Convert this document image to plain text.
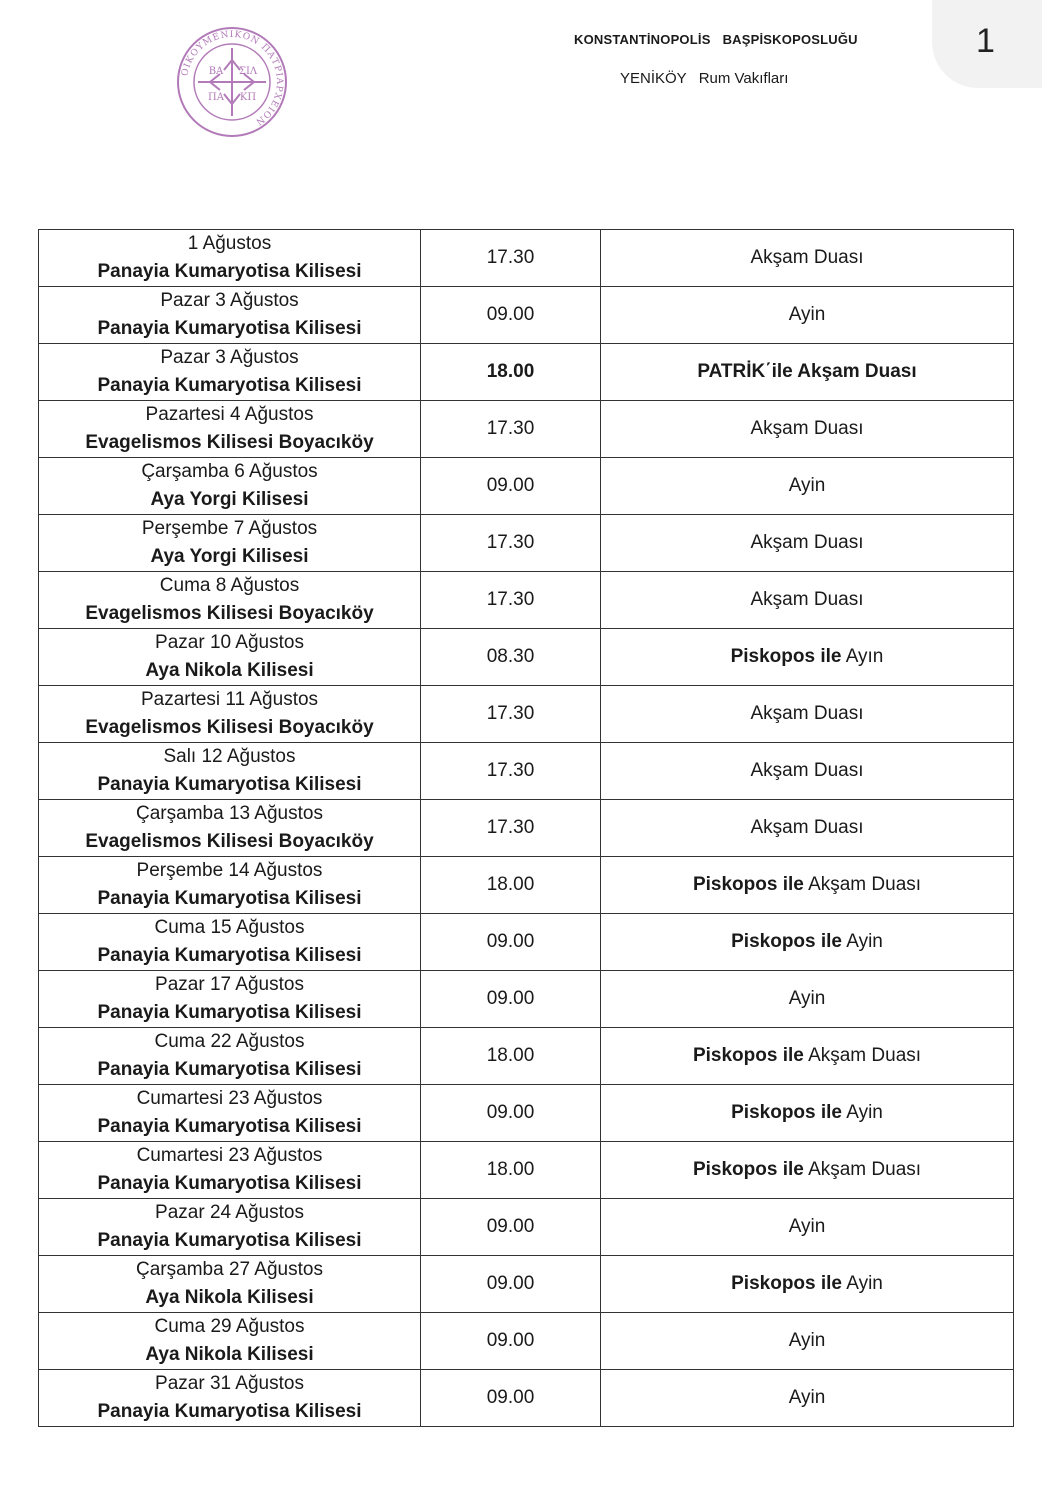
1
ΟΙΚΟΥΜΕΝΙΚΟΝ ΠΑΤΡΙΑΡΧΕΙΟΝ
ΒΑ ΣΙΛ
ΠΑ ΚΠ
KONSTANTİNOPOLİS BAŞPİSKOPOSLUĞU
YENİKÖY Rum Vakıfları
1 Ağustos
Panayia Kumaryotisa Kilisesi	17.30	Akşam Duası

Pazar 3 Ağustos
Panayia Kumaryotisa Kilisesi	09.00	Ayin

Pazar 3 Ağustos
Panayia Kumaryotisa Kilisesi	18.00	PATRİK΄ile Akşam Duası

Pazartesi 4 Ağustos
Evagelismos Kilisesi Boyacıköy	17.30	Akşam Duası

Çarşamba 6 Ağustos
Aya Yorgi Kilisesi	09.00	Ayin

Perşembe 7 Ağustos
Aya Yorgi Kilisesi	17.30	Akşam Duası

Cuma 8 Ağustos
Evagelismos Kilisesi Boyacıköy	17.30	Akşam Duası

Pazar 10 Ağustos
Aya Nikola Kilisesi	08.30	Piskopos ile Ayın

Pazartesi 11 Ağustos
Evagelismos Kilisesi Boyacıköy	17.30	Akşam Duası

Salı 12 Ağustos
Panayia Kumaryotisa Kilisesi	17.30	Akşam Duası

Çarşamba 13 Ağustos
Evagelismos Kilisesi Boyacıköy	17.30	Akşam Duası

Perşembe 14 Ağustos
Panayia Kumaryotisa Kilisesi	18.00	Piskopos ile Akşam Duası

Cuma 15 Ağustos
Panayia Kumaryotisa Kilisesi	09.00	Piskopos ile Ayin

Pazar 17 Ağustos
Panayia Kumaryotisa Kilisesi	09.00	Ayin

Cuma 22 Ağustos
Panayia Kumaryotisa Kilisesi	18.00	Piskopos ile Akşam Duası

Cumartesi 23 Ağustos
Panayia Kumaryotisa Kilisesi	09.00	Piskopos ile Ayin

Cumartesi 23 Ağustos
Panayia Kumaryotisa Kilisesi	18.00	Piskopos ile Akşam Duası

Pazar 24 Ağustos
Panayia Kumaryotisa Kilisesi	09.00	Ayin

Çarşamba 27 Ağustos
Aya Nikola Kilisesi	09.00	Piskopos ile Ayin

Cuma 29 Ağustos
Aya Nikola Kilisesi	09.00	Ayin

Pazar 31 Ağustos
Panayia Kumaryotisa Kilisesi	09.00	Ayin
